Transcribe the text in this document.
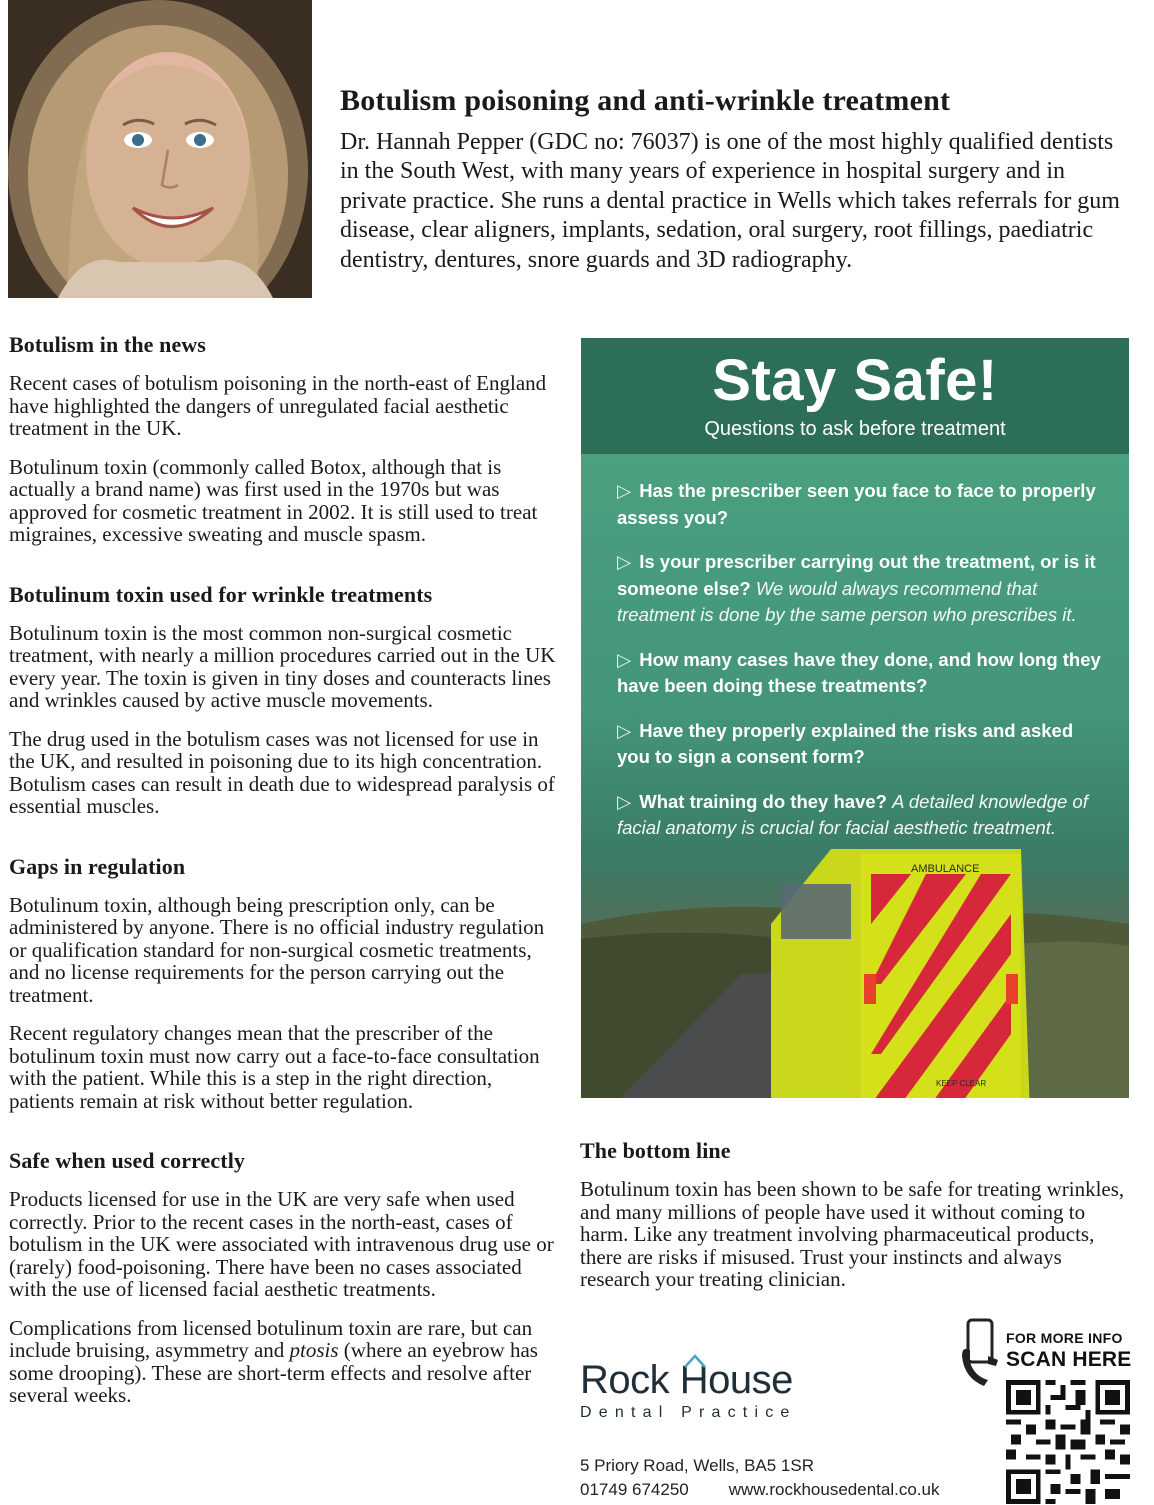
Botulism poisoning and anti-wrinkle treatment

Dr. Hannah Pepper (GDC no: 76037) is one of the most highly qualified dentists in the South West, with many years of experience in hospital surgery and in private practice. She runs a dental practice in Wells which takes referrals for gum disease, clear aligners, implants, sedation, oral surgery, root fillings, paediatric dentistry, dentures, snore guards and 3D radiography.

Botulism in the news

Recent cases of botulism poisoning in the north-east of England have highlighted the dangers of unregulated facial aesthetic treatment in the UK.

Botulinum toxin (commonly called Botox, although that is actually a brand name) was first used in the 1970s but was approved for cosmetic treatment in 2002. It is still used to treat migraines, excessive sweating and muscle spasm.

Botulinum toxin used for wrinkle treatments

Botulinum toxin is the most common non-surgical cosmetic treatment, with nearly a million procedures carried out in the UK every year. The toxin is given in tiny doses and counteracts lines and wrinkles caused by active muscle movements.

The drug used in the botulism cases was not licensed for use in the UK, and resulted in poisoning due to its high concentration. Botulism cases can result in death due to widespread paralysis of essential muscles.

Gaps in regulation

Botulinum toxin, although being prescription only, can be administered by anyone. There is no official industry regulation or qualification standard for non-surgical cosmetic treatments, and no license requirements for the person carrying out the treatment.

Recent regulatory changes mean that the prescriber of the botulinum toxin must now carry out a face-to-face consultation with the patient. While this is a step in the right direction, patients remain at risk without better regulation.

Safe when used correctly

Products licensed for use in the UK are very safe when used correctly. Prior to the recent cases in the north-east, cases of botulism in the UK were associated with intravenous drug use or (rarely) food-poisoning. There have been no cases associated with the use of licensed facial aesthetic treatments.

Complications from licensed botulinum toxin are rare, but can include bruising, asymmetry and ptosis (where an eyebrow has some drooping). These are short-term effects and resolve after several weeks.

AMBULANCE
KEEP CLEAR
Stay Safe!
Questions to ask before treatment

▷ Has the prescriber seen you face to face to properly assess you?

▷ Is your prescriber carrying out the treatment, or is it someone else? We would always recommend that treatment is done by the same person who prescribes it.

▷ How many cases have they done, and how long they have been doing these treatments?

▷ Have they properly explained the risks and asked you to sign a consent form?

▷ What training do they have? A detailed knowledge of facial anatomy is crucial for facial aesthetic treatment.

The bottom line

Botulinum toxin has been shown to be safe for treating wrinkles, and many millions of people have used it without coming to harm. Like any treatment involving pharmaceutical products, there are risks if misused. Trust your instincts and always research your treating clinician.

Rock House
Dental Practice
5 Priory Road, Wells, BA5 1SR
01749 674250 www.rockhousedental.co.uk
FOR MORE INFO
SCAN HERE
